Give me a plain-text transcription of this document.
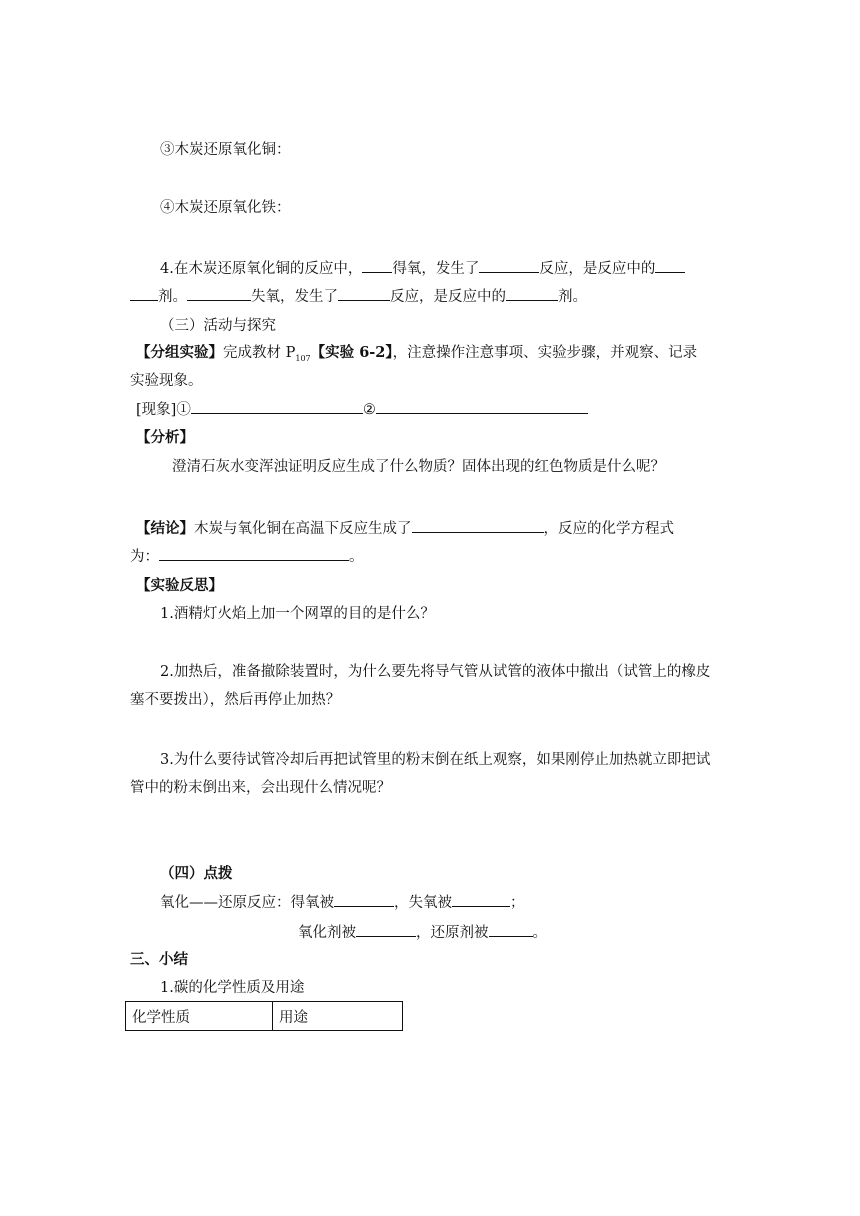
③木炭还原氧化铜：
④木炭还原氧化铁：
4.在木炭还原氧化铜的反应中， 得氧，发生了	反应，是反应中的
剂。	失氧，发生了	反应，是反应中的	剂。
（三）活动与探究
【分组实验】完成教材 $P_{107}$【实验 6-2】，注意操作注意事项、实验步骤，并观察、记录
实验现象。
[现象]①	②
【分析】
澄清石灰水变浑浊证明反应生成了什么物质？固体出现的红色物质是什么呢？
【结论】木炭与氧化铜在高温下反应生成了	，反应的化学方程式
为：	。
【实验反思】
1.酒精灯火焰上加一个网罩的目的是什么？
2.加热后，准备撤除装置时，为什么要先将导气管从试管的液体中撤出（试管上的橡皮
塞不要拨出），然后再停止加热？
3.为什么要待试管冷却后再把试管里的粉末倒在纸上观察，如果刚停止加热就立即把试
管中的粉末倒出来，会出现什么情况呢？
（四）点拨
氧化——还原反应：得氧被	，失氧被	；
氧化剂被	，还原剂被	。
三、小结
1.碳的化学性质及用途
化学性质	用途
